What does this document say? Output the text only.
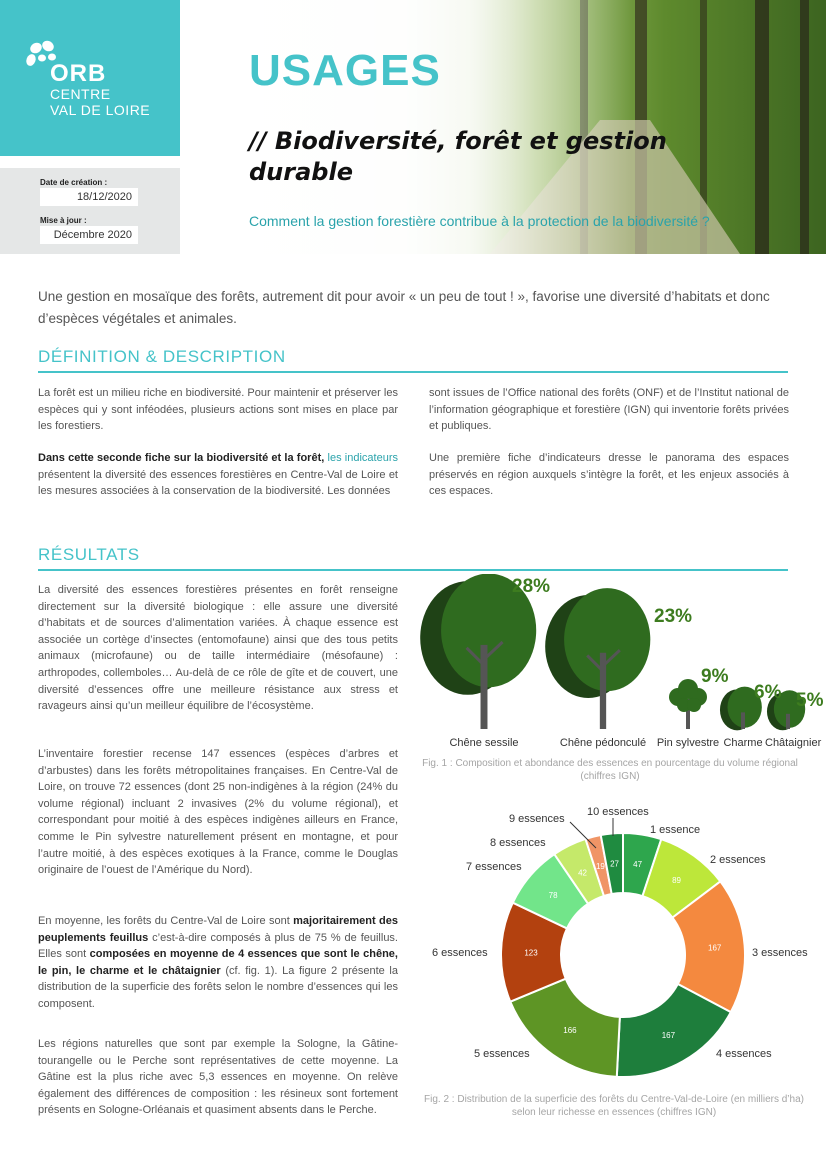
ORB
CENTRE
VAL DE LOIRE
Date de création :
18/12/2020
Mise à jour :
Décembre 2020
USAGES
// Biodiversité, forêt et gestion durable
Comment la gestion forestière contribue à la protection de la biodiversité ?

Une gestion en mosaïque des forêts, autrement dit pour avoir « un peu de tout ! », favorise une diversité d’habitats et donc d’espèces végétales et animales.

DÉFINITION & DESCRIPTION

La forêt est un milieu riche en biodiversité. Pour maintenir et préserver les espèces qui y sont inféodées, plusieurs actions sont mises en place par les forestiers.

Dans cette seconde fiche sur la biodiversité et la forêt, les indicateurs présentent la diversité des essences forestières en Centre-Val de Loire et les mesures associées à la conservation de la biodiversité. Les données

sont issues de l’Office national des forêts (ONF) et de l’Institut national de l’information géographique et forestière (IGN) qui inventorie forêts privées et publiques.

Une première fiche d’indicateurs dresse le panorama des espaces préservés en région auxquels s’intègre la forêt, et les enjeux associés à ces espaces.

RÉSULTATS

La diversité des essences forestières présentes en forêt renseigne directement sur la diversité biologique : elle assure une diversité d’habitats et de sources d’alimentation variées. À chaque essence est associée un cortège d’insectes (entomofaune) ainsi que des tous petits animaux (microfaune) ou de taille intermédiaire (mésofaune) : arthropodes, collemboles… Au-delà de ce rôle de gîte et de couvert, une diversité d’essences offre une meilleure résistance aux stress et ravageurs ainsi qu’un meilleur équilibre de l’écosystème.

L’inventaire forestier recense 147 essences (espèces d’arbres et d’arbustes) dans les forêts métropolitaines françaises. En Centre-Val de Loire, on trouve 72 essences (dont 25 non-indigènes à la région (24% du volume régional) incluant 2 invasives (2% du volume régional), et correspondant pour moitié à des espèces indigènes ailleurs en France, comme le Pin sylvestre naturellement présent en montagne, et pour l’autre moitié, à des espèces exotiques à la France, comme le Douglas originaire de l’ouest de l’Amérique du Nord).

En moyenne, les forêts du Centre-Val de Loire sont majoritairement des peuplements feuillus c’est-à-dire composés à plus de 75 % de feuillus. Elles sont composées en moyenne de 4 essences que sont le chêne, le pin, le charme et le châtaignier (cf. fig. 1). La figure 2 présente la distribution de la superficie des forêts selon le nombre d’essences qui les composent.

Les régions naturelles que sont par exemple la Sologne, la Gâtine-tourangelle ou le Perche sont représentatives de cette moyenne. La Gâtine est la plus riche avec 5,3 essences en moyenne. On relève également des différences de composition : les résineux sont fortement présents en Sologne-Orléanais et quasiment absents dans le Perche.

28%
23%
9%
6% 5%
Chêne sessile	Chêne pédonculé Pin sylvestre Charme Châtaignier
Fig. 1 : Composition et abondance des essences en pourcentage du volume régional (chiffres IGN)
47
89
167
167
166
123
78
42
19 27
1 essence
2 essences
3 essences
4 essences
5 essences
6 essences
7 essences
8 essences
9 essences
10 essences
Fig. 2 : Distribution de la superficie des forêts du Centre-Val-de-Loire (en milliers d’ha) selon leur richesse en essences (chiffres IGN)
